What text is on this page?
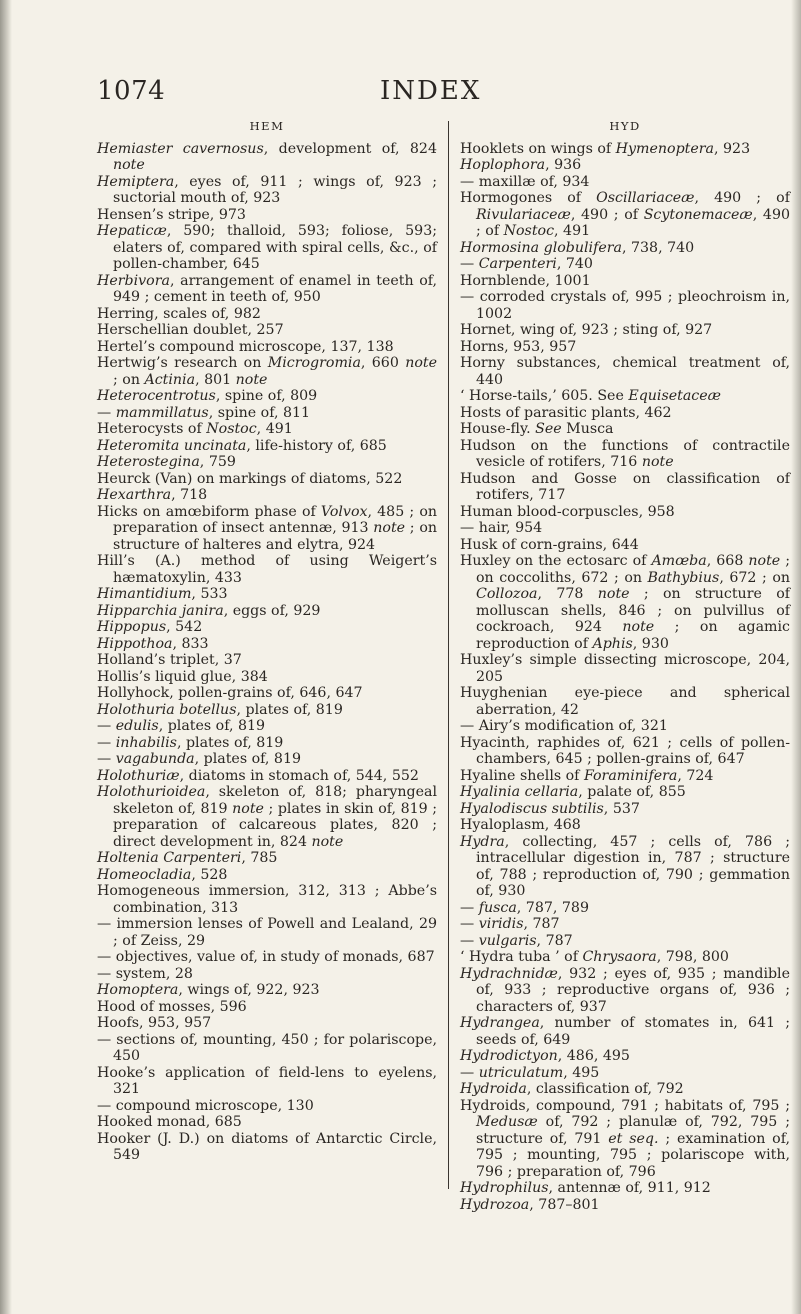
1074	INDEX
HEM
Hemiaster cavernosus, development of, 824 note
Hemiptera, eyes of, 911 ; wings of, 923 ; suctorial mouth of, 923
Hensen’s stripe, 973
Hepaticæ, 590; thalloid, 593; foliose, 593; elaters of, compared with spiral cells, &c., of pollen-chamber, 645
Herbivora, arrangement of enamel in teeth of, 949 ; cement in teeth of, 950
Herring, scales of, 982
Herschellian doublet, 257
Hertel’s compound microscope, 137, 138
Hertwig’s research on Microgromia, 660 note ; on Actinia, 801 note
Heterocentrotus, spine of, 809
— mammillatus, spine of, 811
Heterocysts of Nostoc, 491
Heteromita uncinata, life-history of, 685
Heterostegina, 759
Heurck (Van) on markings of diatoms, 522
Hexarthra, 718
Hicks on amœbiform phase of Volvox, 485 ; on preparation of insect antennæ, 913 note ; on structure of halteres and elytra, 924
Hill’s (A.) method of using Weigert’s hæmatoxylin, 433
Himantidium, 533
Hipparchia janira, eggs of, 929
Hippopus, 542
Hippothoa, 833
Holland’s triplet, 37
Hollis’s liquid glue, 384
Hollyhock, pollen-grains of, 646, 647
Holothuria botellus, plates of, 819
— edulis, plates of, 819
— inhabilis, plates of, 819
— vagabunda, plates of, 819
Holothuriæ, diatoms in stomach of, 544, 552
Holothurioidea, skeleton of, 818; pharyngeal skeleton of, 819 note ; plates in skin of, 819 ; preparation of calcareous plates, 820 ; direct development in, 824 note
Holtenia Carpenteri, 785
Homeocladia, 528
Homogeneous immersion, 312, 313 ; Abbe’s combination, 313
— immersion lenses of Powell and Lealand, 29 ; of Zeiss, 29
— objectives, value of, in study of monads, 687
— system, 28
Homoptera, wings of, 922, 923
Hood of mosses, 596
Hoofs, 953, 957
— sections of, mounting, 450 ; for polariscope, 450
Hooke’s application of field-lens to eyelens, 321
— compound microscope, 130
Hooked monad, 685
Hooker (J. D.) on diatoms of Antarctic Circle, 549
HYD
Hooklets on wings of Hymenoptera, 923
Hoplophora, 936
— maxillæ of, 934
Hormogones of Oscillariaceæ, 490 ; of Rivulariaceæ, 490 ; of Scytonemaceæ, 490 ; of Nostoc, 491
Hormosina globulifera, 738, 740
— Carpenteri, 740
Hornblende, 1001
— corroded crystals of, 995 ; pleochroism in, 1002
Hornet, wing of, 923 ; sting of, 927
Horns, 953, 957
Horny substances, chemical treatment of, 440
‘ Horse-tails,’ 605. See Equisetaceæ
Hosts of parasitic plants, 462
House-fly. See Musca
Hudson on the functions of contractile vesicle of rotifers, 716 note
Hudson and Gosse on classification of rotifers, 717
Human blood-corpuscles, 958
— hair, 954
Husk of corn-grains, 644
Huxley on the ectosarc of Amœba, 668 note ; on coccoliths, 672 ; on Bathybius, 672 ; on Collozoa, 778 note ; on structure of molluscan shells, 846 ; on pulvillus of cockroach, 924 note ; on agamic reproduction of Aphis, 930
Huxley’s simple dissecting microscope, 204, 205
Huyghenian eye-piece and spherical aberration, 42
— Airy’s modification of, 321
Hyacinth, raphides of, 621 ; cells of pollen-chambers, 645 ; pollen-grains of, 647
Hyaline shells of Foraminifera, 724
Hyalinia cellaria, palate of, 855
Hyalodiscus subtilis, 537
Hyaloplasm, 468
Hydra, collecting, 457 ; cells of, 786 ; intracellular digestion in, 787 ; structure of, 788 ; reproduction of, 790 ; gemmation of, 930
— fusca, 787, 789
— viridis, 787
— vulgaris, 787
‘ Hydra tuba ’ of Chrysaora, 798, 800
Hydrachnidæ, 932 ; eyes of, 935 ; mandible of, 933 ; reproductive organs of, 936 ; characters of, 937
Hydrangea, number of stomates in, 641 ; seeds of, 649
Hydrodictyon, 486, 495
— utriculatum, 495
Hydroida, classification of, 792
Hydroids, compound, 791 ; habitats of, 795 ; Medusæ of, 792 ; planulæ of, 792, 795 ; structure of, 791 et seq. ; examination of, 795 ; mounting, 795 ; polariscope with, 796 ; preparation of, 796
Hydrophilus, antennæ of, 911, 912
Hydrozoa, 787–801
